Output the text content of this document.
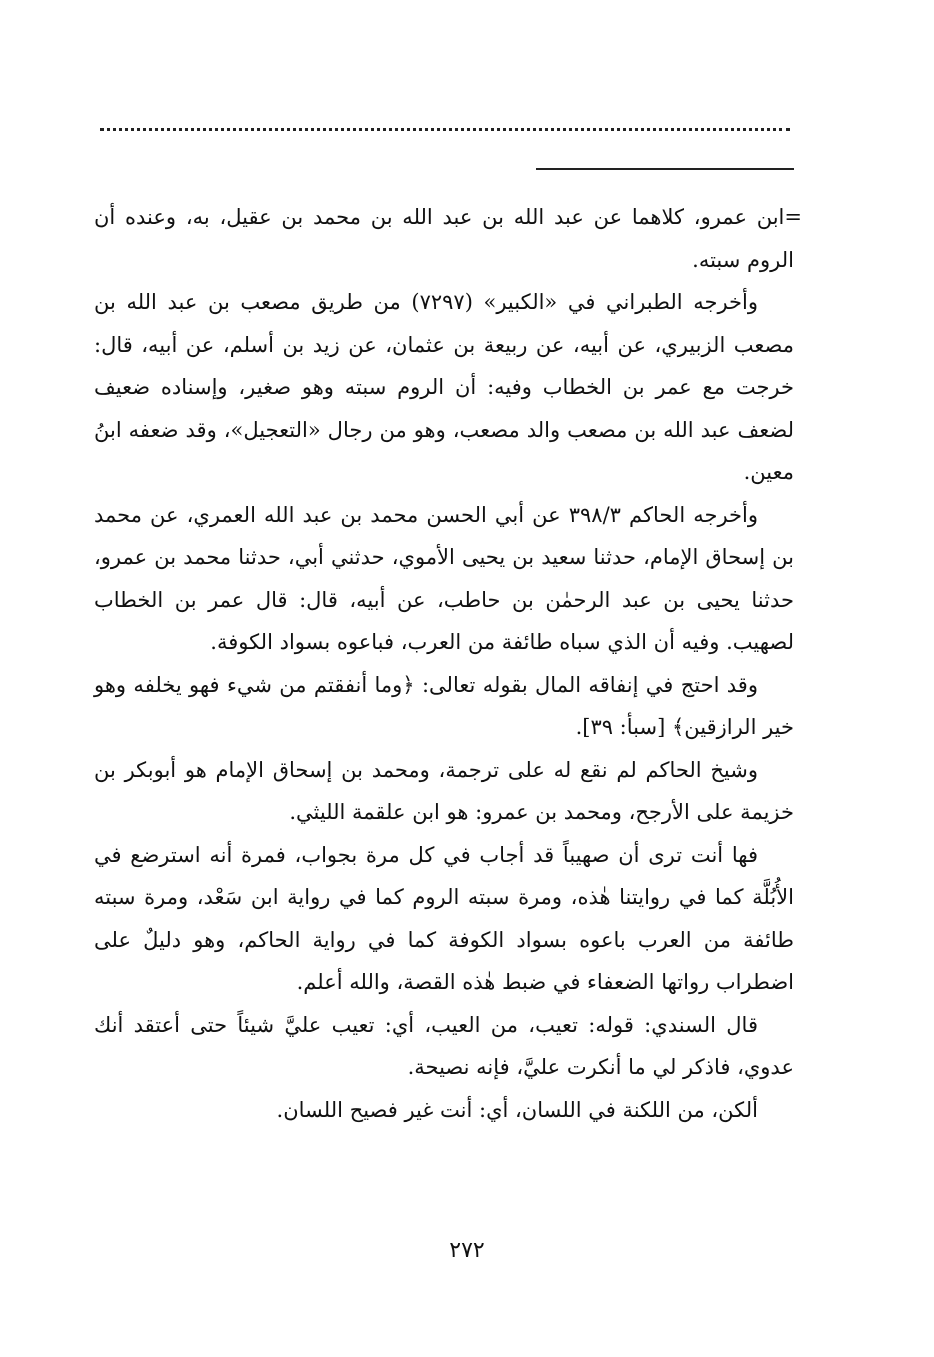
=ابن عمرو، كلاهما عن عبد الله بن عبد الله بن محمد بن عقيل، به، وعنده أن الروم سبته.

وأخرجه الطبراني في «الكبير» (٧٢٩٧) من طريق مصعب بن عبد الله بن مصعب الزبيري، عن أبيه، عن ربيعة بن عثمان، عن زيد بن أسلم، عن أبيه، قال: خرجت مع عمر بن الخطاب وفيه: أن الروم سبته وهو صغير، وإسناده ضعيف لضعف عبد الله بن مصعب والد مصعب، وهو من رجال «التعجيل»، وقد ضعفه ابنُ معين.

وأخرجه الحاكم ٣٩٨/٣ عن أبي الحسن محمد بن عبد الله العمري، عن محمد بن إسحاق الإمام، حدثنا سعيد بن يحيى الأموي، حدثني أبي، حدثنا محمد بن عمرو، حدثنا يحيى بن عبد الرحمٰن بن حاطب، عن أبيه، قال: قال عمر بن الخطاب لصهيب. وفيه أن الذي سباه طائفة من العرب، فباعوه بسواد الكوفة.

وقد احتج في إنفاقه المال بقوله تعالى: ﴿وما أنفقتم من شيء فهو يخلفه وهو خير الرازقين﴾ [سبأ: ٣٩].

وشيخ الحاكم لم نقع له على ترجمة، ومحمد بن إسحاق الإمام هو أبوبكر بن خزيمة على الأرجح، ومحمد بن عمرو: هو ابن علقمة الليثي.

فها أنت ترى أن صهيباً قد أجاب في كل مرة بجواب، فمرة أنه استرضع في الأُبُلَّة كما في روايتنا هٰذه، ومرة سبته الروم كما في رواية ابن سَعْد، ومرة سبته طائفة من العرب باعوه بسواد الكوفة كما في رواية الحاكم، وهو دليلٌ على اضطراب رواتها الضعفاء في ضبط هٰذه القصة، والله أعلم.

قال السندي: قوله: تعيب، من العيب، أي: تعيب عليَّ شيئاً حتى أعتقد أنك عدوي، فاذكر لي ما أنكرت عليَّ، فإنه نصيحة.

ألكن، من اللكنة في اللسان، أي: أنت غير فصيح اللسان.

٢٧٢
